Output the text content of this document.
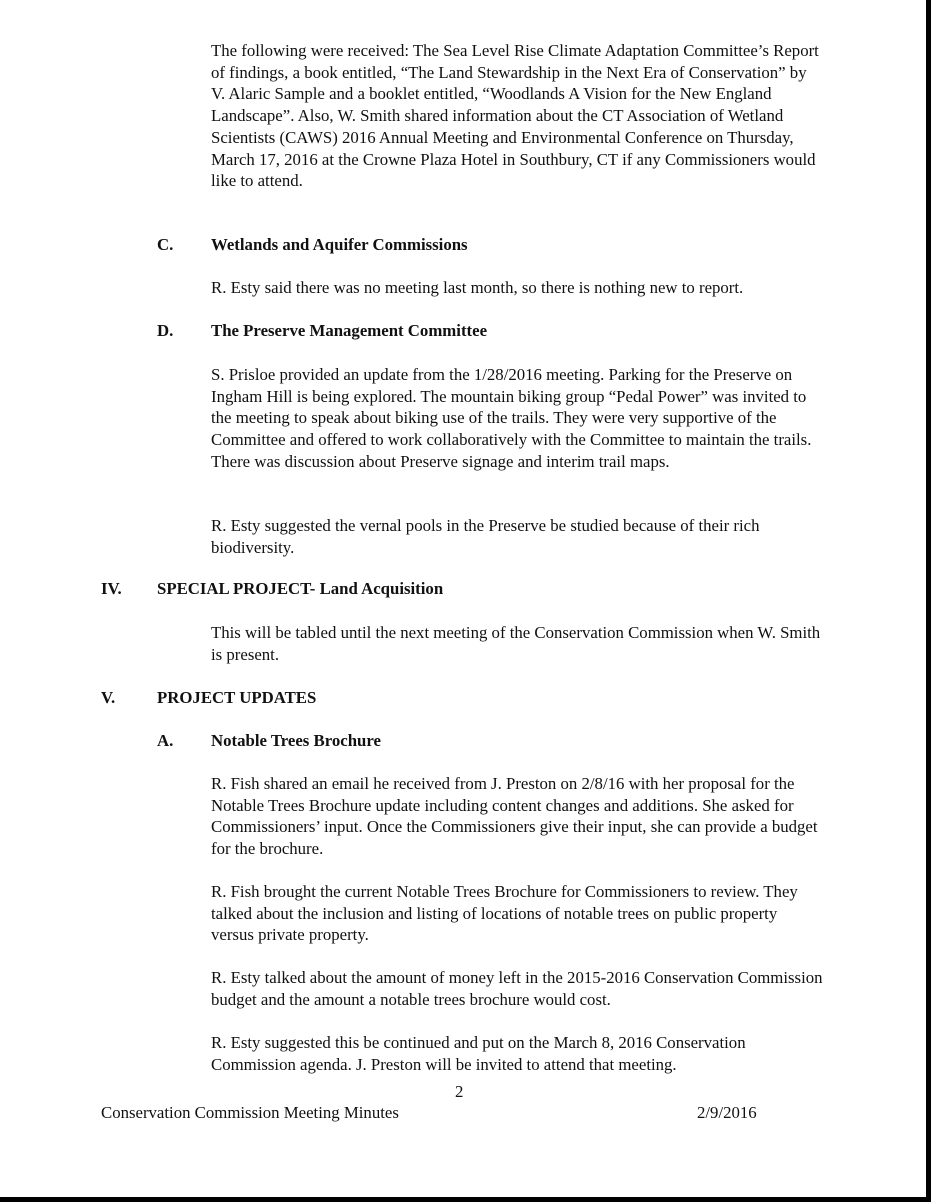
The following were received: The Sea Level Rise Climate Adaptation Committee’s Report of findings, a book entitled, “The Land Stewardship in the Next Era of Conservation” by V. Alaric Sample and a booklet entitled, “Woodlands A Vision for the New England Landscape”. Also, W. Smith shared information about the CT Association of Wetland Scientists (CAWS) 2016 Annual Meeting and Environmental Conference on Thursday, March 17, 2016 at the Crowne Plaza Hotel in Southbury, CT if any Commissioners would like to attend.
C. Wetlands and Aquifer Commissions
R. Esty said there was no meeting last month, so there is nothing new to report.
D. The Preserve Management Committee
S. Prisloe provided an update from the 1/28/2016 meeting. Parking for the Preserve on Ingham Hill is being explored. The mountain biking group “Pedal Power” was invited to the meeting to speak about biking use of the trails. They were very supportive of the Committee and offered to work collaboratively with the Committee to maintain the trails. There was discussion about Preserve signage and interim trail maps.
R. Esty suggested the vernal pools in the Preserve be studied because of their rich biodiversity.
IV. SPECIAL PROJECT- Land Acquisition
This will be tabled until the next meeting of the Conservation Commission when W. Smith is present.
V. PROJECT UPDATES
A. Notable Trees Brochure
R. Fish shared an email he received from J. Preston on 2/8/16 with her proposal for the Notable Trees Brochure update including content changes and additions. She asked for Commissioners’ input. Once the Commissioners give their input, she can provide a budget for the brochure.
R. Fish brought the current Notable Trees Brochure for Commissioners to review. They talked about the inclusion and listing of locations of notable trees on public property versus private property.
R. Esty talked about the amount of money left in the 2015-2016 Conservation Commission budget and the amount a notable trees brochure would cost.
R. Esty suggested this be continued and put on the March 8, 2016 Conservation Commission agenda. J. Preston will be invited to attend that meeting.
2
Conservation Commission Meeting Minutes	2/9/2016
